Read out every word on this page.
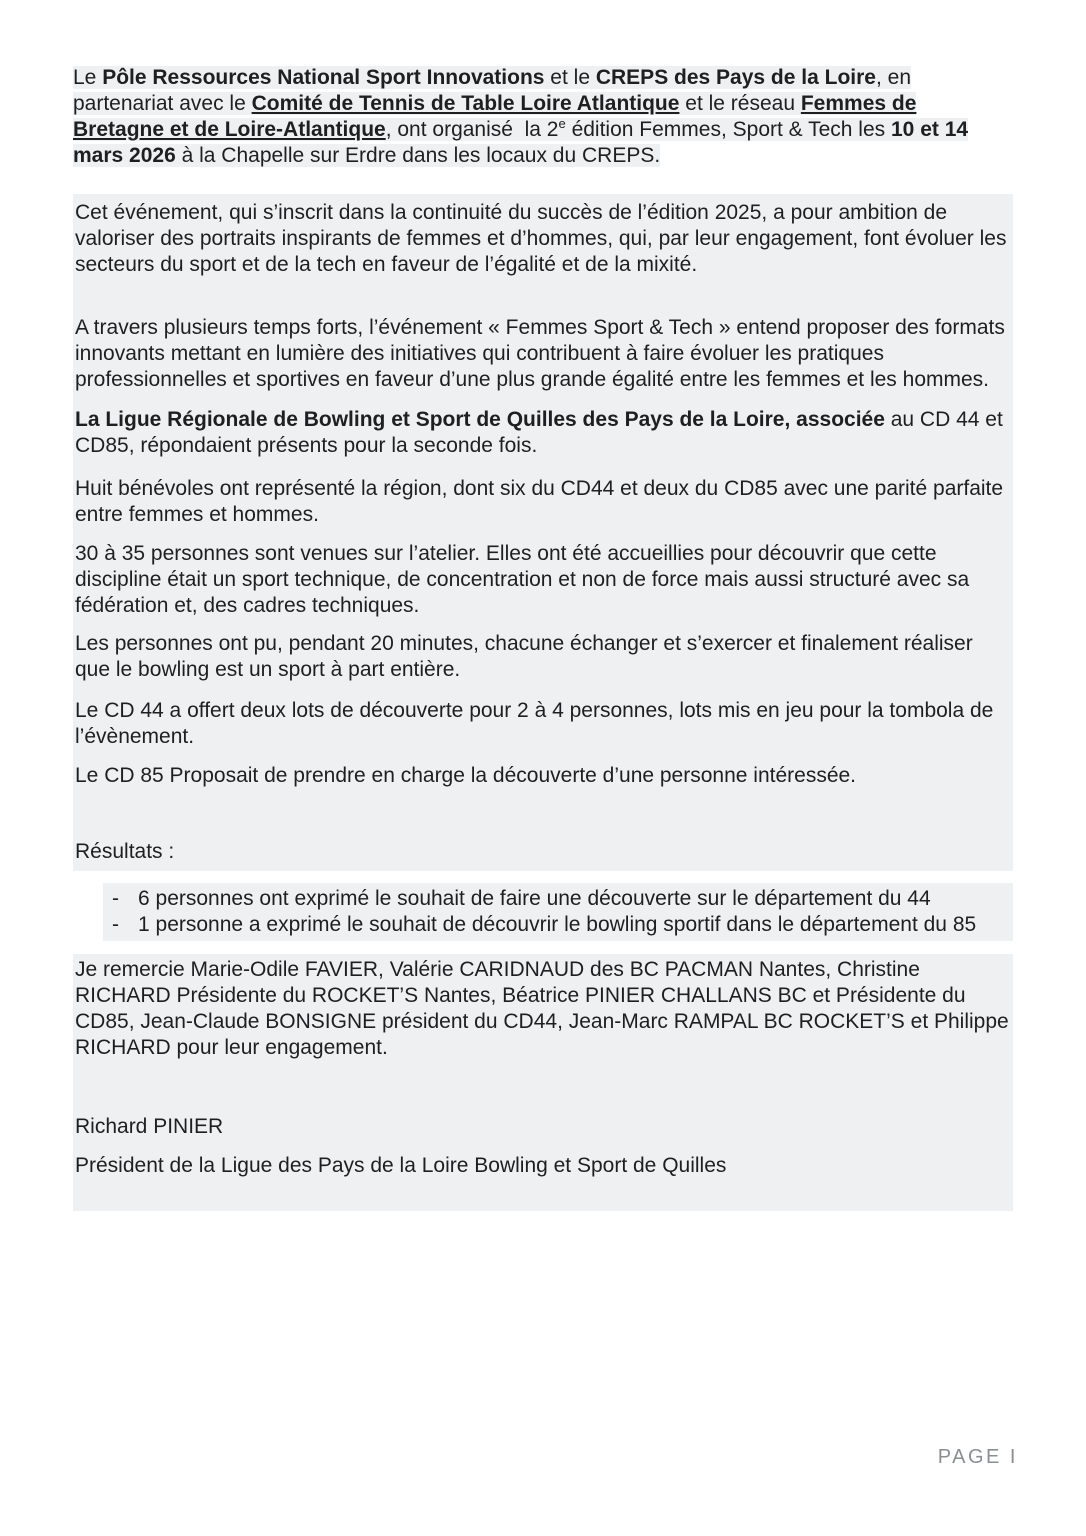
Le Pôle Ressources National Sport Innovations et le CREPS des Pays de la Loire, en partenariat avec le Comité de Tennis de Table Loire Atlantique et le réseau Femmes de Bretagne et de Loire-Atlantique, ont organisé  la 2e édition Femmes, Sport & Tech les 10 et 14 mars 2026 à la Chapelle sur Erdre dans les locaux du CREPS.

Cet événement, qui s’inscrit dans la continuité du succès de l’édition 2025, a pour ambition de valoriser des portraits inspirants de femmes et d’hommes, qui, par leur engagement, font évoluer les secteurs du sport et de la tech en faveur de l’égalité et de la mixité.

A travers plusieurs temps forts, l’événement « Femmes Sport & Tech » entend proposer des formats innovants mettant en lumière des initiatives qui contribuent à faire évoluer les pratiques professionnelles et sportives en faveur d’une plus grande égalité entre les femmes et les hommes.

La Ligue Régionale de Bowling et Sport de Quilles des Pays de la Loire, associée au CD 44 et CD85, répondaient présents pour la seconde fois.

Huit bénévoles ont représenté la région, dont six du CD44 et deux du CD85 avec une parité parfaite entre femmes et hommes.

30 à 35 personnes sont venues sur l’atelier. Elles ont été accueillies pour découvrir que cette discipline était un sport technique, de concentration et non de force mais aussi structuré avec sa fédération et, des cadres techniques.

Les personnes ont pu, pendant 20 minutes, chacune échanger et s’exercer et finalement réaliser que le bowling est un sport à part entière.

Le CD 44 a offert deux lots de découverte pour 2 à 4 personnes, lots mis en jeu pour la tombola de l’évènement.

Le CD 85 Proposait de prendre en charge la découverte d’une personne intéressée.

Résultats :

- 6 personnes ont exprimé le souhait de faire une découverte sur le département du 44
- 1 personne a exprimé le souhait de découvrir le bowling sportif dans le département du 85

Je remercie Marie-Odile FAVIER, Valérie CARIDNAUD des BC PACMAN Nantes, Christine RICHARD Présidente du ROCKET’S Nantes, Béatrice PINIER CHALLANS BC et Présidente du CD85, Jean-Claude BONSIGNE président du CD44, Jean-Marc RAMPAL BC ROCKET’S et Philippe RICHARD pour leur engagement.

Richard PINIER

Président de la Ligue des Pays de la Loire Bowling et Sport de Quilles

PAGE I
